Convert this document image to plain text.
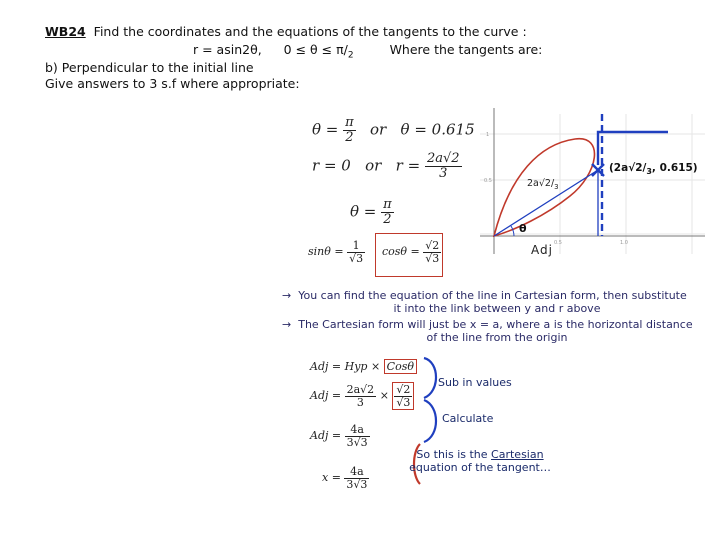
WB24 Find the coordinates and the equations of the tangents to the curve :
r = asin2θ, $0 \le \theta \le \pi/_2$	Where the tangents are:
b) Perpendicular to the initial line
Give answers to 3 s.f where appropriate:
$\theta = \frac{\pi}{2}$ or θ = 0.615
r = 0 or $r = \frac{2a√2}{3}$
$\theta = \frac{\pi}{2}$
$\sin\theta = \frac{1}{√3}$ $\cos\theta = \frac{√2}{√3}$	0.5	1.0
0.5
1
$2a√2/_3$
θ
Adj
($2a√2/_3$, 0.615)
→ You can find the equation of the line in Cartesian form, then substitute
it into the link between y and r above
→ The Cartesian form will just be x = a, where a is the horizontal distance
of the line from the origin
Adj = Hyp × Cosθ
Adj = $\frac{2a√2}{3} \times \frac{√2}{√3}$
Adj = $\frac{4a}{3√3}$
$x = \frac{4a}{3√3}$
Sub in values
Calculate
So this is the Cartesian
equation of the tangent…
